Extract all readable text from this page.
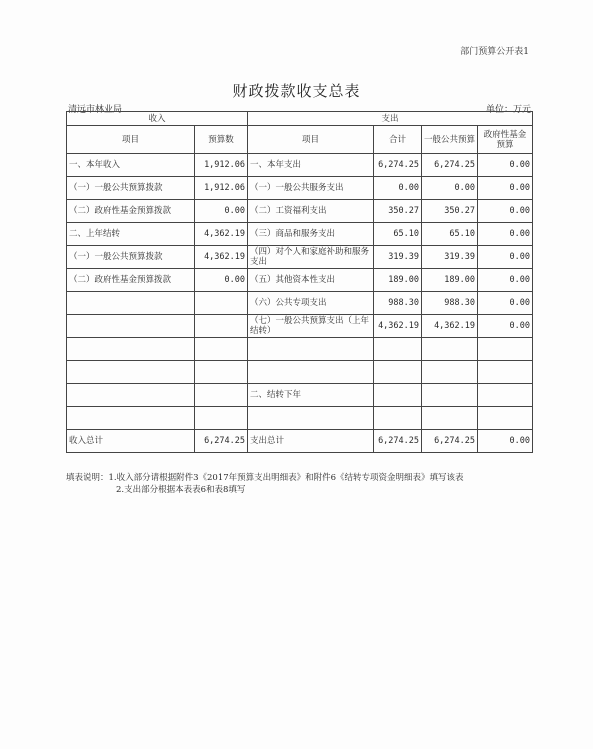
部门预算公开表1
财政拨款收支总表
清远市林业局	单位：万元
收入		支出			
项目	预算数	项目	合计	一般公共预算	政府性基金预算
一、本年收入	1,912.06	一、本年支出	6,274.25	6,274.25	0.00
（一）一般公共预算拨款	1,912.06	（一）一般公共服务支出	0.00	0.00	0.00
（二）政府性基金预算拨款	0.00	（二）工资福利支出	350.27	350.27	0.00
二、上年结转	4,362.19	（三）商品和服务支出	65.10	65.10	0.00
（一）一般公共预算拨款	4,362.19	（四）对个人和家庭补助和服务支出	319.39	319.39	0.00
（二）政府性基金预算拨款	0.00	（五）其他资本性支出	189.00	189.00	0.00
		（六）公共专项支出	988.30	988.30	0.00
		（七）一般公共预算支出（上年结转）	4,362.19	4,362.19	0.00

		二、结转下年			

收入总计	6,274.25	支出总计	6,274.25	6,274.25	0.00
填表说明：1.收入部分请根据附件3《2017年预算支出明细表》和附件6《结转专项资金明细表》填写该表
2.支出部分根据本表表6和表8填写
